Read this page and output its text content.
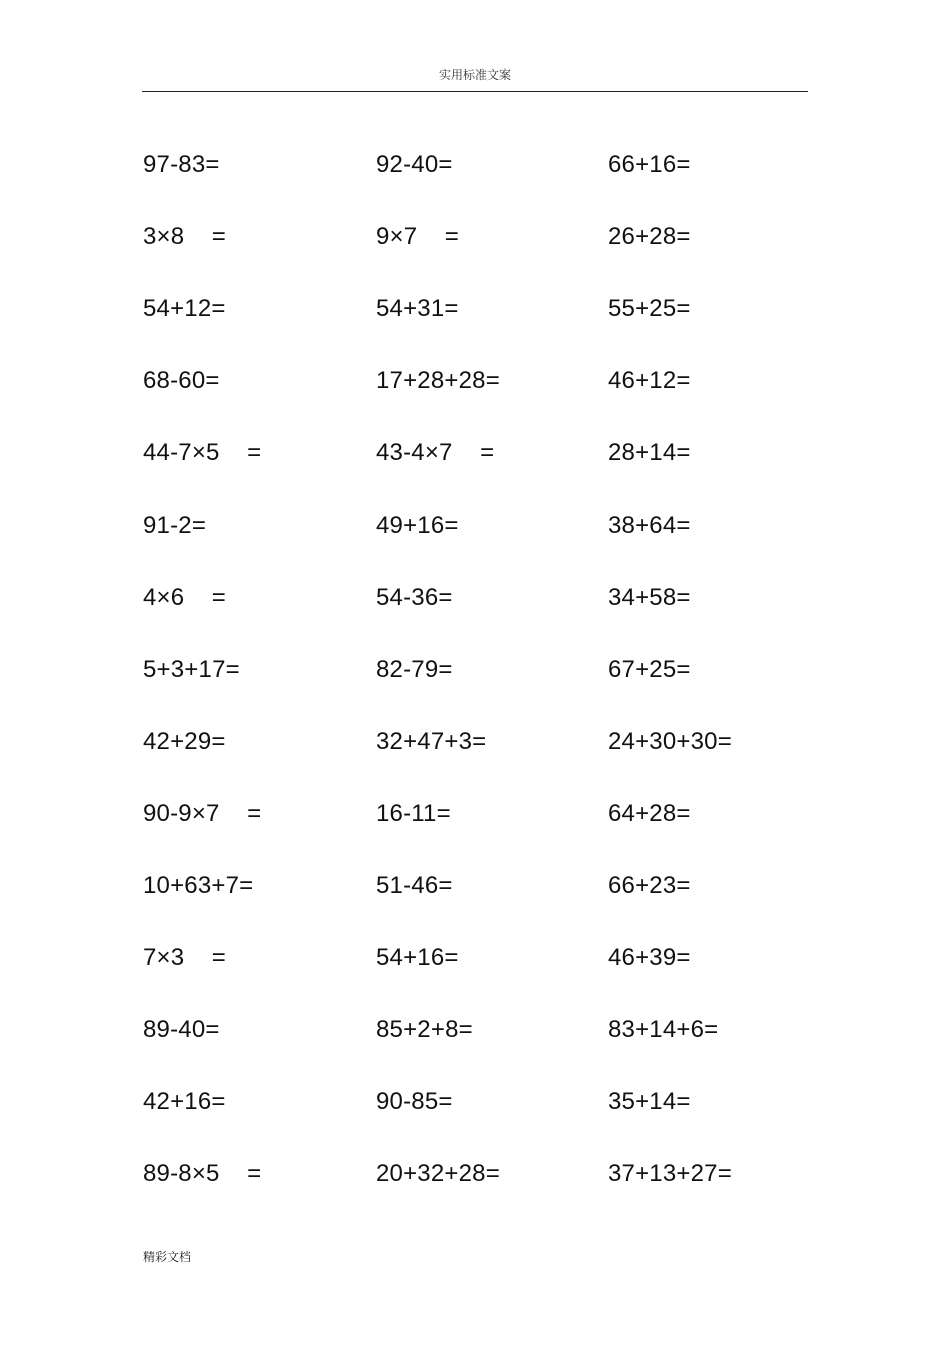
实用标准文案
97-83=	92-40=	66+16=
3×8    =	9×7    =	26+28=
54+12=	54+31=	55+25=
68-60=	17+28+28=	46+12=
44-7×5    =	43-4×7    =	28+14=
91-2=	49+16=	38+64=
4×6    =	54-36=	34+58=
5+3+17=	82-79=	67+25=
42+29=	32+47+3=	24+30+30=
90-9×7    =	16-11=	64+28=
10+63+7=	51-46=	66+23=
7×3    =	54+16=	46+39=
89-40=	85+2+8=	83+14+6=
42+16=	90-85=	35+14=
89-8×5    =	20+32+28=	37+13+27=
精彩文档
